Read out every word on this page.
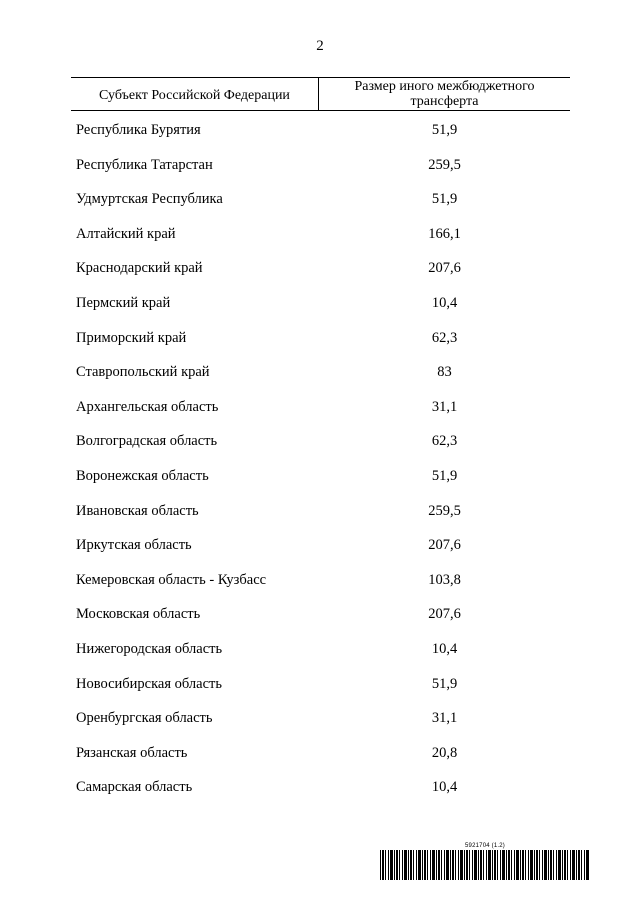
2
Субъект Российской Федерации
Размер иного межбюджетного трансферта
Республика Бурятия	51,9
Республика Татарстан	259,5
Удмуртская Республика	51,9
Алтайский край	166,1
Краснодарский край	207,6
Пермский край	10,4
Приморский край	62,3
Ставропольский край	83
Архангельская область	31,1
Волгоградская область	62,3
Воронежская область	51,9
Ивановская область	259,5
Иркутская область	207,6
Кемеровская область - Кузбасс	103,8
Московская область	207,6
Нижегородская область	10,4
Новосибирская область	51,9
Оренбургская область	31,1
Рязанская область	20,8
Самарская область	10,4
5921704 (1.2)
